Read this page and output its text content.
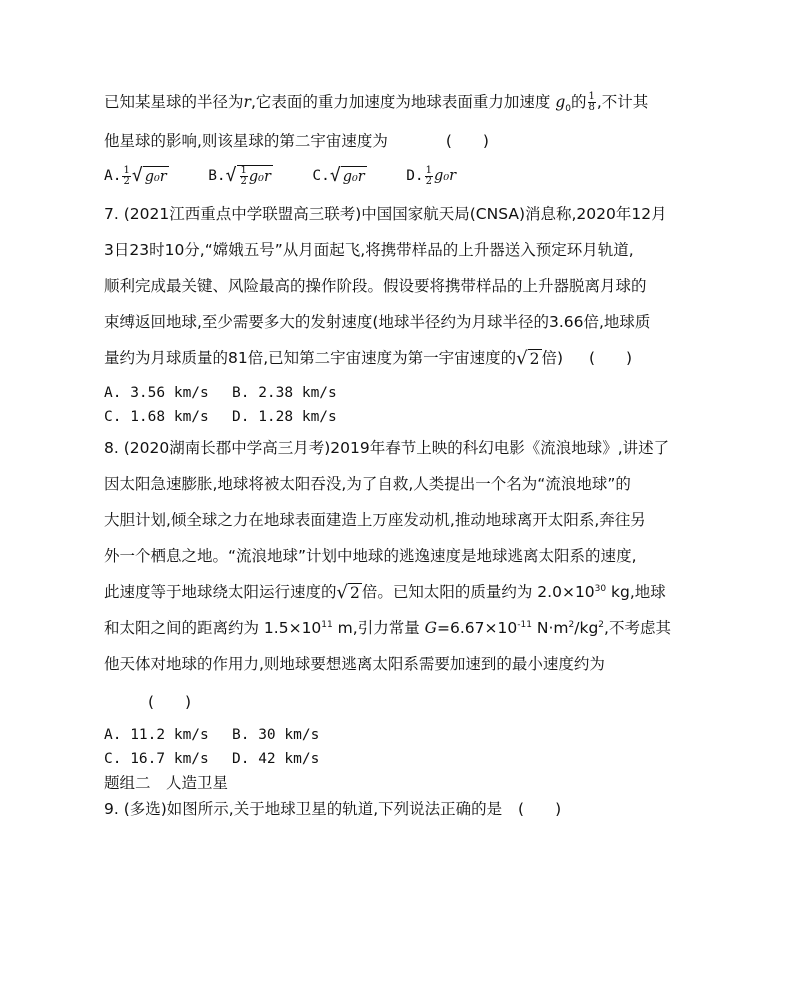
已知某星球的半径为r,它表面的重力加速度为地球表面重力加速度 $g_0$的 $\frac{1}{8}$ ,不计其
他星球的影响,则该星球的第二宇宙速度为	(　　)
A. $\frac{1}{2}$ √ g₀r	$B.√ \frac{1}{2} g_0r$	C.√ g₀r	D. $\frac{1}{2} g_0r$
7. (2021江西重点中学联盟高三联考)中国国家航天局(CNSA)消息称,2020年12月
3日23时10分,“嫦娥五号”从月面起飞,将携带样品的上升器送入预定环月轨道,
顺利完成最关键、风险最高的操作阶段。假设要将携带样品的上升器脱离月球的
束缚返回地球,至少需要多大的发射速度(地球半径约为月球半径的3.66倍,地球质
量约为月球质量的81倍,已知第二宇宙速度为第一宇宙速度的√ 2 倍) (　　)
A. 3.56 km/s B. 2.38 km/s
C. 1.68 km/s D. 1.28 km/s
8. (2020湖南长郡中学高三月考)2019年春节上映的科幻电影《流浪地球》,讲述了
因太阳急速膨胀,地球将被太阳吞没,为了自救,人类提出一个名为“流浪地球”的
大胆计划,倾全球之力在地球表面建造上万座发动机,推动地球离开太阳系,奔往另
外一个栖息之地。“流浪地球”计划中地球的逃逸速度是地球逃离太阳系的速度,
此速度等于地球绕太阳运行速度的√ 2 倍。已知太阳的质量约为 $2.0\times 10^{30}$ kg,地球
和太阳之间的距离约为 $1.5\times 10^{11}$ m,引力常量 $G=6.67\times 10^{-11}$ $N\cdot m^2/kg^2$,不考虑其
他天体对地球的作用力,则地球要想逃离太阳系需要加速到的最小速度约为
(　　)
A. 11.2 km/s B. 30 km/s
C. 16.7 km/s D. 42 km/s
题组二　人造卫星
9. (多选)如图所示,关于地球卫星的轨道,下列说法正确的是 (　　)
